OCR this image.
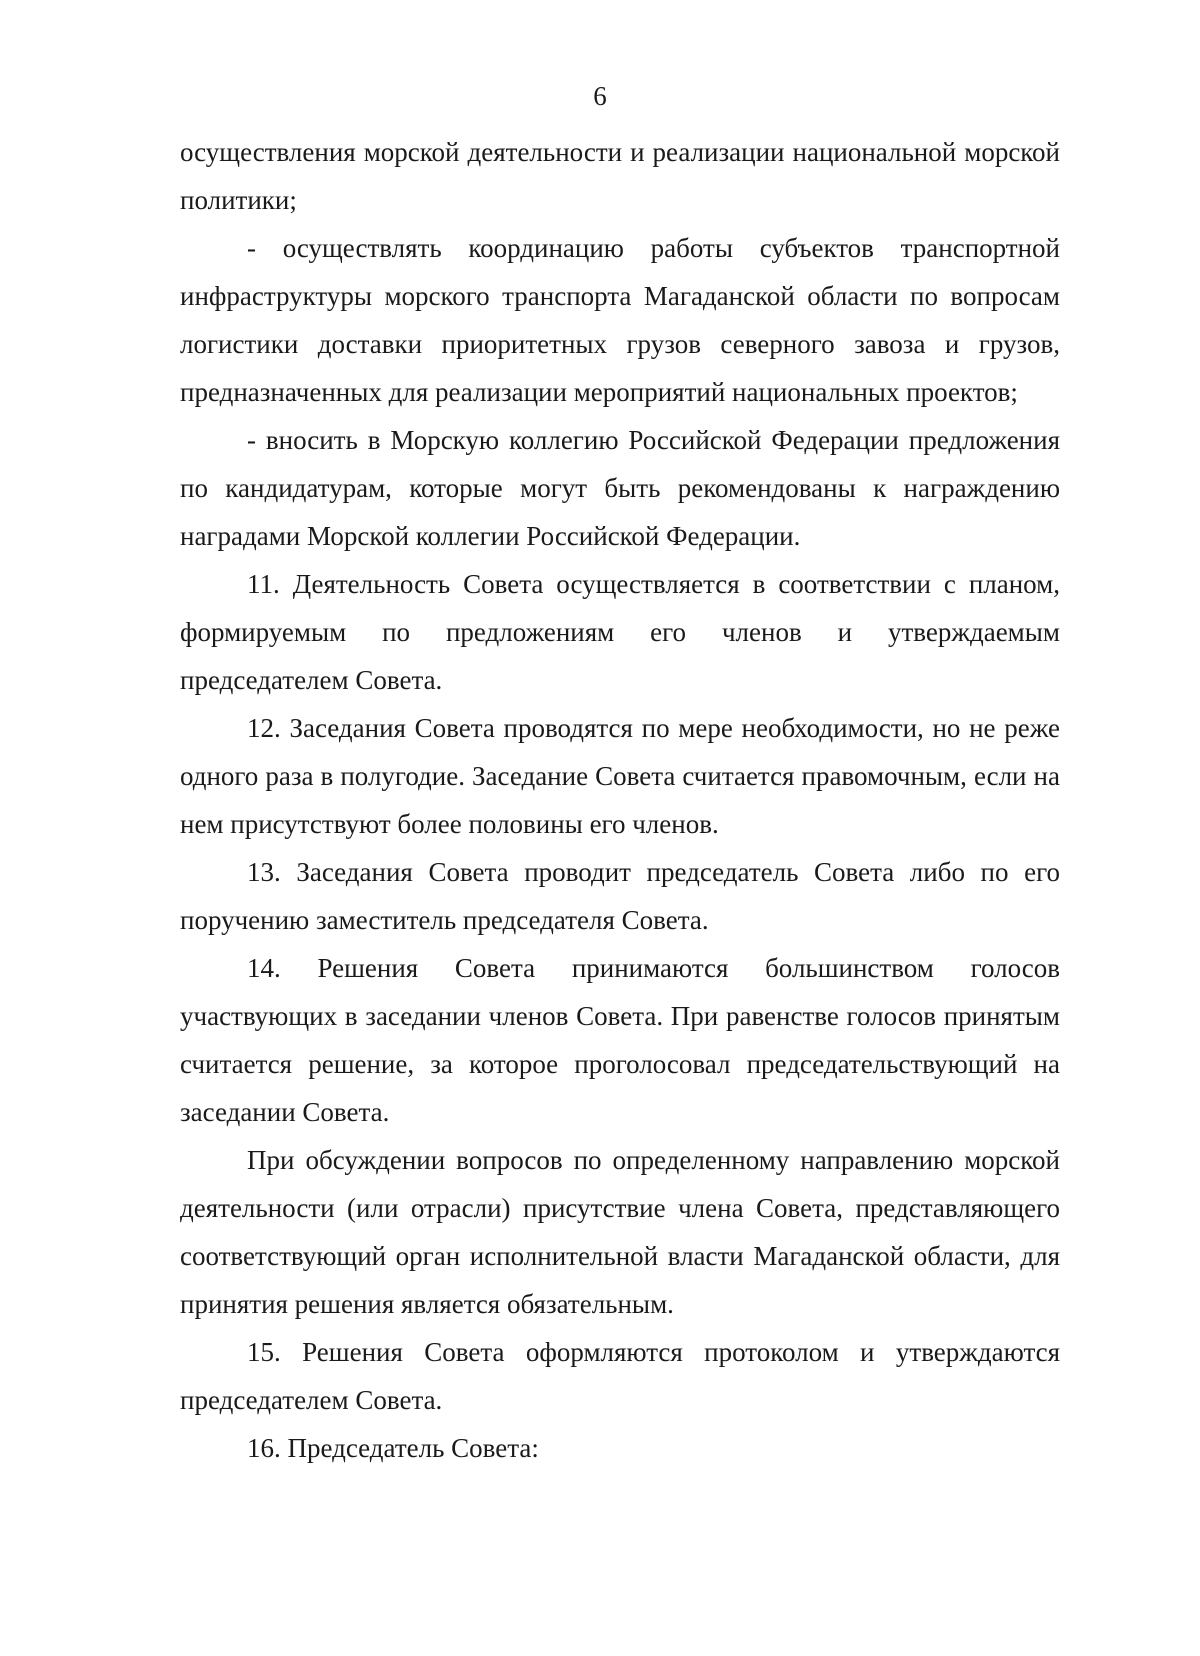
6

осуществления морской деятельности и реализации национальной морской политики;

- осуществлять координацию работы субъектов транспортной инфраструктуры морского транспорта Магаданской области по вопросам логистики доставки приоритетных грузов северного завоза и грузов, предназначенных для реализации мероприятий национальных проектов;

- вносить в Морскую коллегию Российской Федерации предложения по кандидатурам, которые могут быть рекомендованы к награждению наградами Морской коллегии Российской Федерации.

11. Деятельность Совета осуществляется в соответствии с планом, формируемым по предложениям его членов и утверждаемым председателем Совета.

12. Заседания Совета проводятся по мере необходимости, но не реже одного раза в полугодие. Заседание Совета считается правомочным, если на нем присутствуют более половины его членов.

13. Заседания Совета проводит председатель Совета либо по его поручению заместитель председателя Совета.

14. Решения Совета принимаются большинством голосов участвующих в заседании членов Совета. При равенстве голосов принятым считается решение, за которое проголосовал председательствующий на заседании Совета.

При обсуждении вопросов по определенному направлению морской деятельности (или отрасли) присутствие члена Совета, представляющего соответствующий орган исполнительной власти Магаданской области, для принятия решения является обязательным.

15. Решения Совета оформляются протоколом и утверждаются председателем Совета.

16. Председатель Совета:
